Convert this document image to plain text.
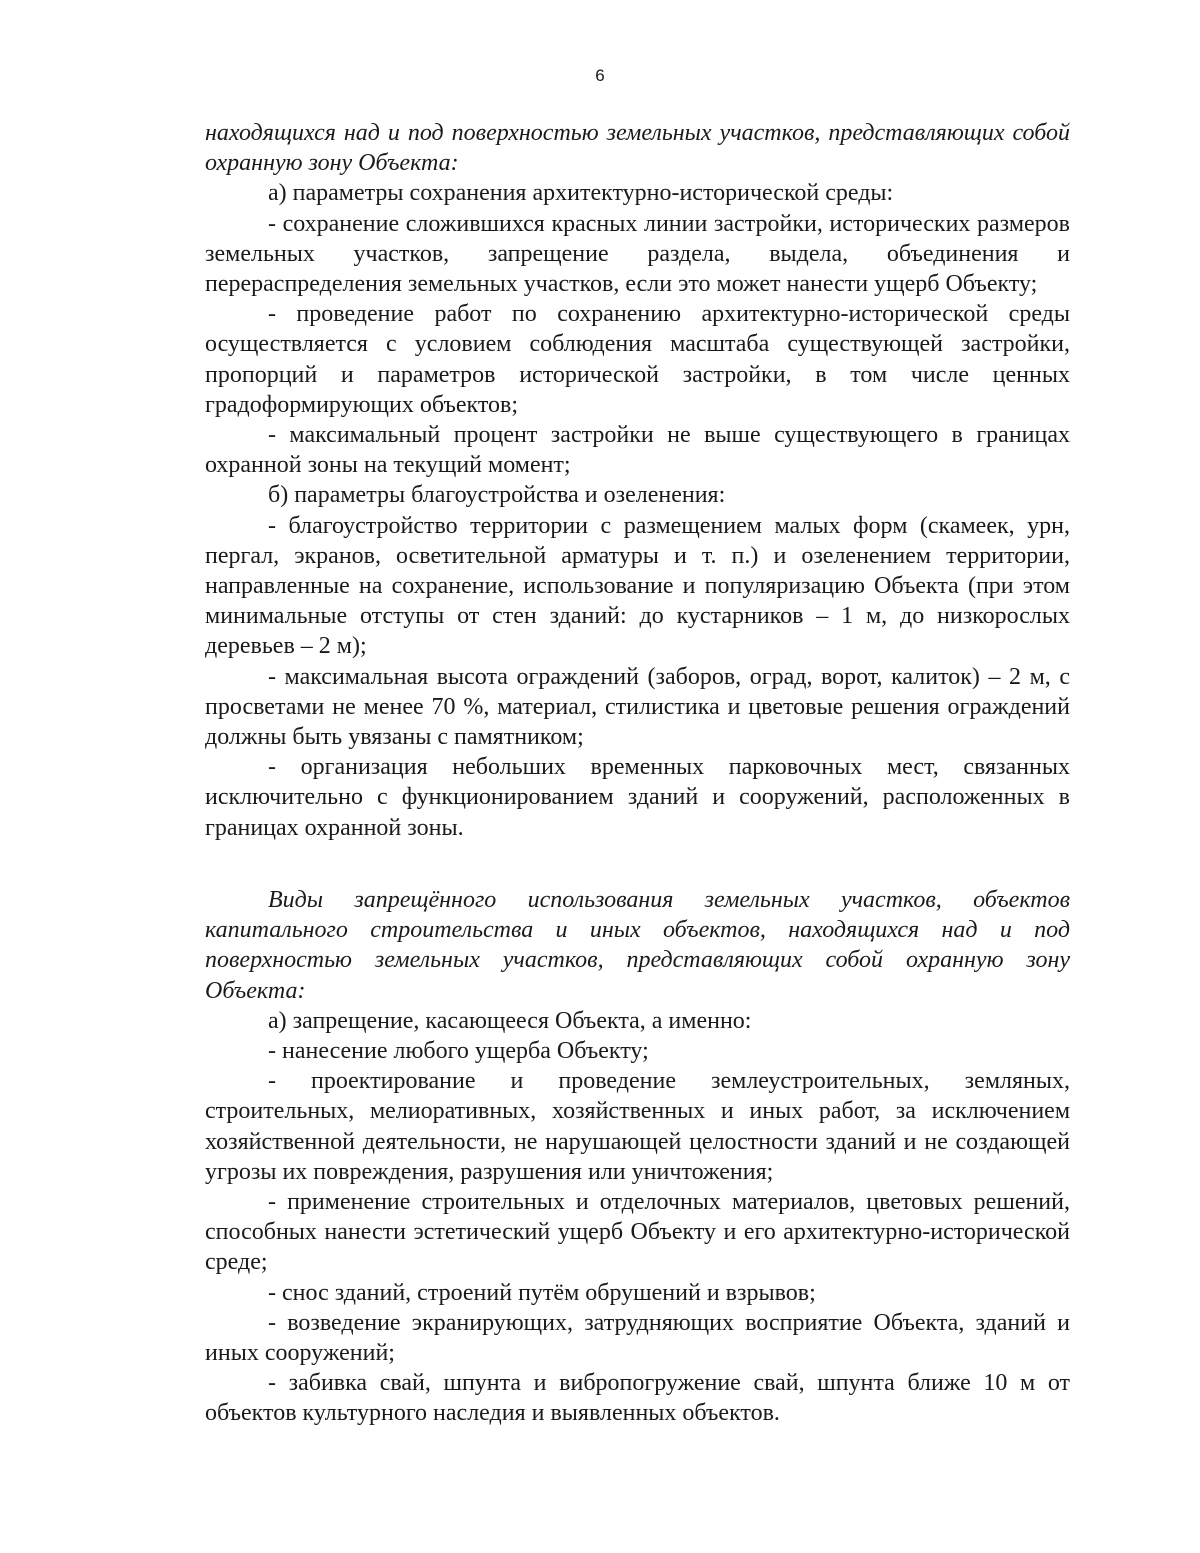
6

находящихся над и под поверхностью земельных участков, представляющих собой охранную зону Объекта:

а) параметры сохранения архитектурно-исторической среды:

- сохранение сложившихся красных линии застройки, исторических размеров земельных участков, запрещение раздела, выдела, объединения и перераспределения земельных участков, если это может нанести ущерб Объекту;

- проведение работ по сохранению архитектурно-исторической среды осуществляется с условием соблюдения масштаба существующей застройки, пропорций и параметров исторической застройки, в том числе ценных градоформирующих объектов;

- максимальный процент застройки не выше существующего в границах охранной зоны на текущий момент;

б) параметры благоустройства и озеленения:

- благоустройство территории с размещением малых форм (скамеек, урн, пергал, экранов, осветительной арматуры и т. п.) и озеленением территории, направленные на сохранение, использование и популяризацию Объекта (при этом минимальные отступы от стен зданий: до кустарников – 1 м, до низкорослых деревьев – 2 м);

- максимальная высота ограждений (заборов, оград, ворот, калиток) – 2 м, с просветами не менее 70 %, материал, стилистика и цветовые решения ограждений должны быть увязаны с памятником;

- организация небольших временных парковочных мест, связанных исключительно с функционированием зданий и сооружений, расположенных в границах охранной зоны.

Виды запрещённого использования земельных участков, объектов капитального строительства и иных объектов, находящихся над и под поверхностью земельных участков, представляющих собой охранную зону Объекта:

а) запрещение, касающееся Объекта, а именно:

- нанесение любого ущерба Объекту;

- проектирование и проведение землеустроительных, земляных, строительных, мелиоративных, хозяйственных и иных работ, за исключением хозяйственной деятельности, не нарушающей целостности зданий и не создающей угрозы их повреждения, разрушения или уничтожения;

- применение строительных и отделочных материалов, цветовых решений, способных нанести эстетический ущерб Объекту и его архитектурно-исторической среде;

- снос зданий, строений путём обрушений и взрывов;

- возведение экранирующих, затрудняющих восприятие Объекта, зданий и иных сооружений;

- забивка свай, шпунта и вибропогружение свай, шпунта ближе 10 м от объектов культурного наследия и выявленных объектов.
